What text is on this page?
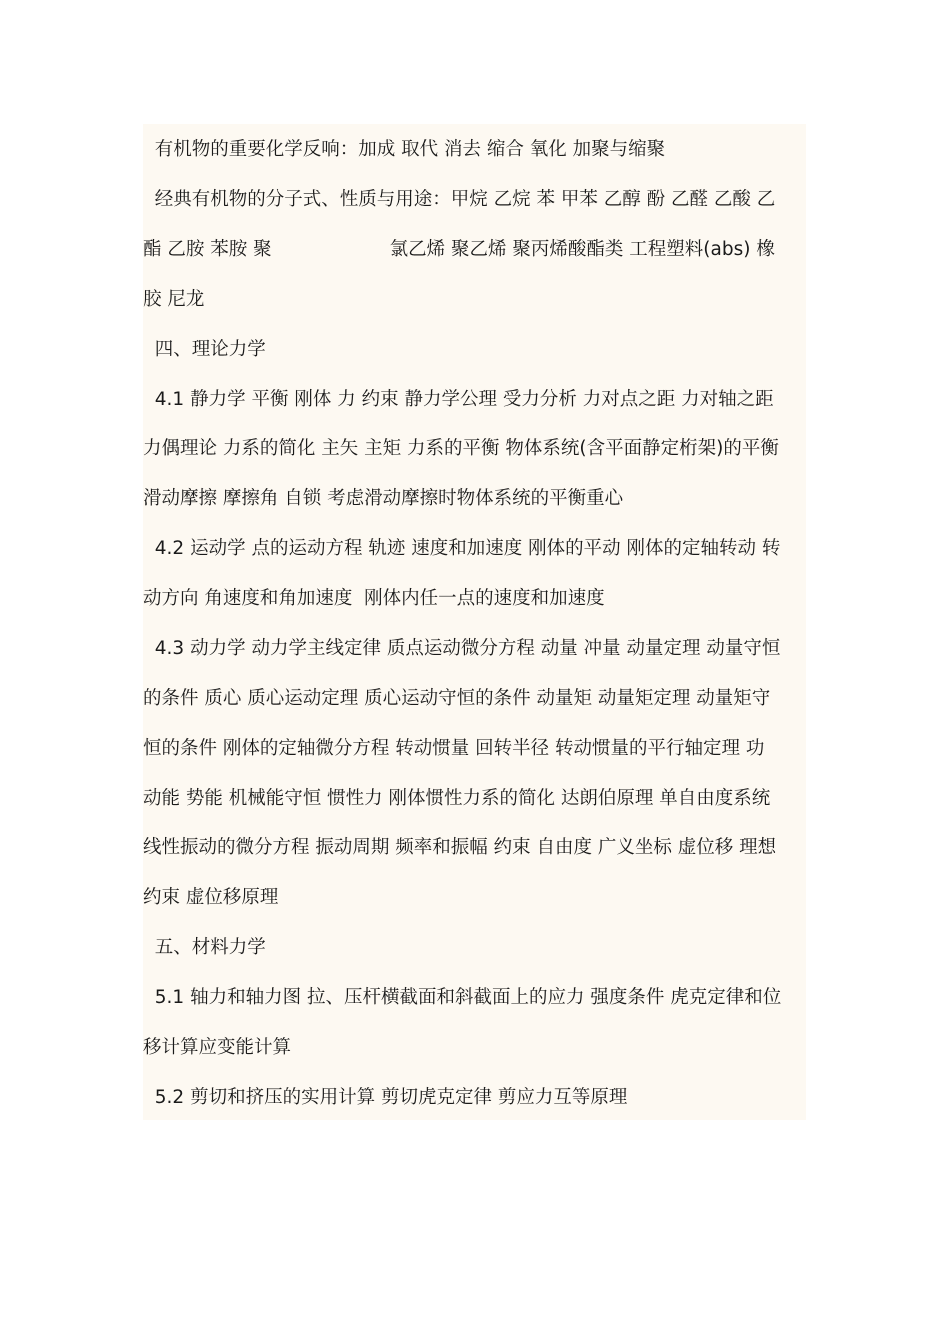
有机物的重要化学反响：加成 取代 消去 缩合 氧化 加聚与缩聚
经典有机物的分子式、性质与用途：甲烷 乙烷 苯 甲苯 乙醇 酚 乙醛 乙酸 乙
酯 乙胺 苯胺 聚	氯乙烯 聚乙烯 聚丙烯酸酯类 工程塑料(abs) 橡
胶 尼龙
四、理论力学
4.1 静力学 平衡 刚体 力 约束 静力学公理 受力分析 力对点之距 力对轴之距
力偶理论 力系的简化 主矢 主矩 力系的平衡 物体系统(含平面静定桁架)的平衡
滑动摩擦 摩擦角 自锁 考虑滑动摩擦时物体系统的平衡重心
4.2 运动学 点的运动方程 轨迹 速度和加速度 刚体的平动 刚体的定轴转动 转
动方向 角速度和角加速度  刚体内任一点的速度和加速度
4.3 动力学 动力学主线定律 质点运动微分方程 动量 冲量 动量定理 动量守恒
的条件 质心 质心运动定理 质心运动守恒的条件 动量矩 动量矩定理 动量矩守
恒的条件 刚体的定轴微分方程 转动惯量 回转半径 转动惯量的平行轴定理 功
动能 势能 机械能守恒 惯性力 刚体惯性力系的简化 达朗伯原理 单自由度系统
线性振动的微分方程 振动周期 频率和振幅 约束 自由度 广义坐标 虚位移 理想
约束 虚位移原理
五、材料力学
5.1 轴力和轴力图 拉、压杆横截面和斜截面上的应力 强度条件 虎克定律和位
移计算应变能计算
5.2 剪切和挤压的实用计算 剪切虎克定律 剪应力互等原理
